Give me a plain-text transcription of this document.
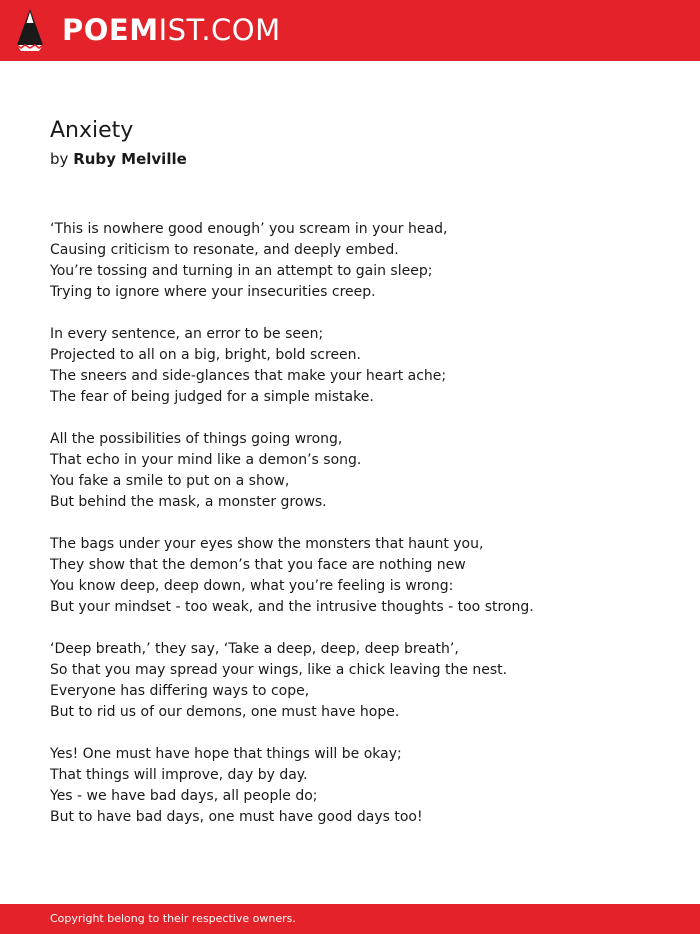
POEMIST.COM
Anxiety
by Ruby Melville

‘This is nowhere good enough’ you scream in your head,
Causing criticism to resonate, and deeply embed.
You’re tossing and turning in an attempt to gain sleep;
Trying to ignore where your insecurities creep.

In every sentence, an error to be seen;
Projected to all on a big, bright, bold screen.
The sneers and side-glances that make your heart ache;
The fear of being judged for a simple mistake.

All the possibilities of things going wrong,
That echo in your mind like a demon’s song.
You fake a smile to put on a show,
But behind the mask, a monster grows.

The bags under your eyes show the monsters that haunt you,
They show that the demon’s that you face are nothing new
You know deep, deep down, what you’re feeling is wrong:
But your mindset - too weak, and the intrusive thoughts - too strong.

‘Deep breath,’ they say, ‘Take a deep, deep, deep breath’,
So that you may spread your wings, like a chick leaving the nest.
Everyone has differing ways to cope,
But to rid us of our demons, one must have hope.

Yes! One must have hope that things will be okay;
That things will improve, day by day.
Yes - we have bad days, all people do;
But to have bad days, one must have good days too!

Copyright belong to their respective owners.
